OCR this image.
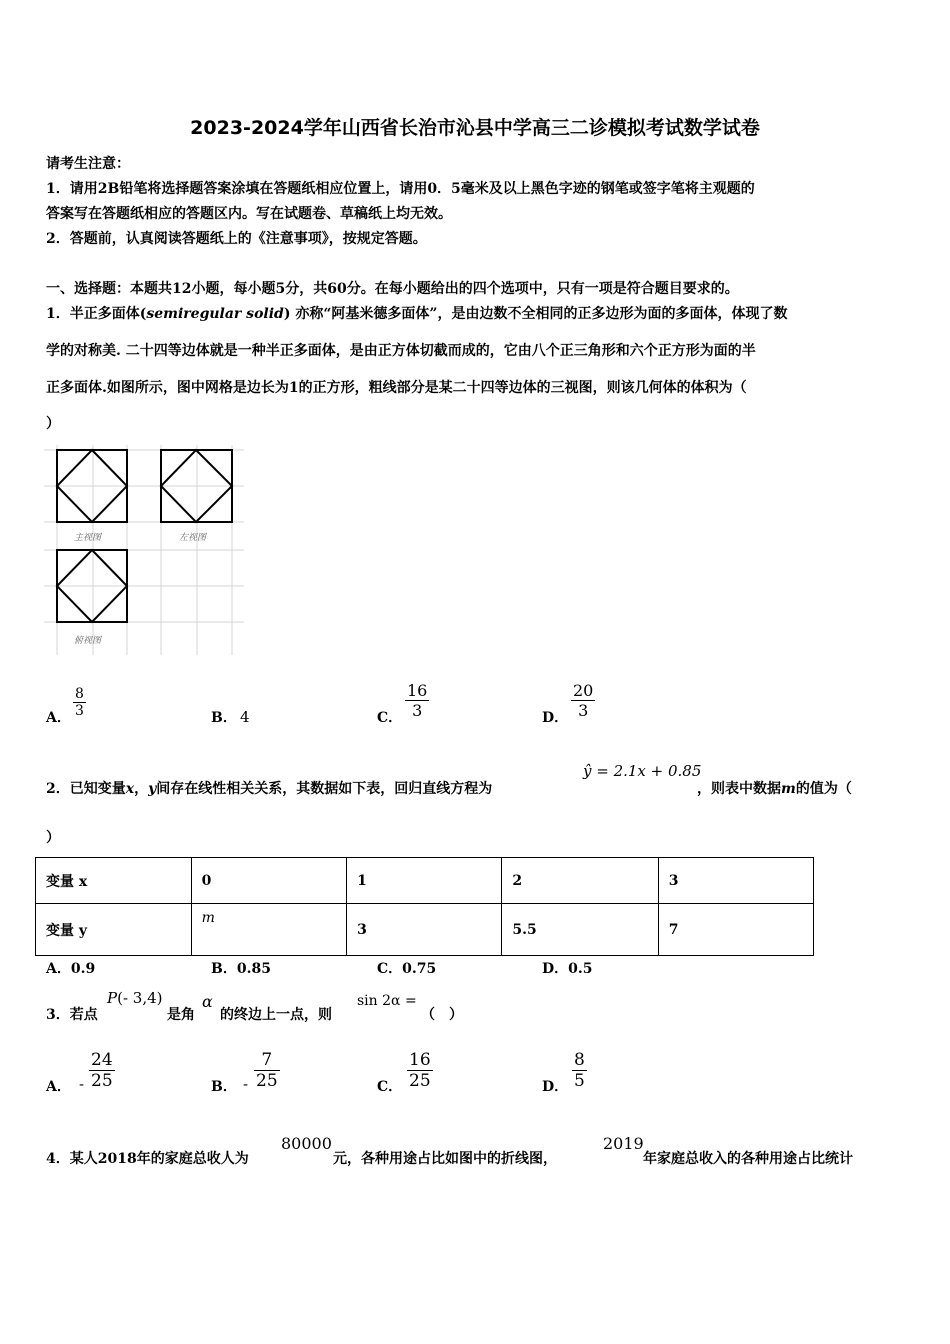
2023-2024学年山西省长治市沁县中学高三二诊模拟考试数学试卷
请考生注意：
1．请用2B铅笔将选择题答案涂填在答题纸相应位置上，请用0．5毫米及以上黑色字迹的钢笔或签字笔将主观题的
答案写在答题纸相应的答题区内。写在试题卷、草稿纸上均无效。
2．答题前，认真阅读答题纸上的《注意事项》，按规定答题。
一、选择题：本题共12小题，每小题5分，共60分。在每小题给出的四个选项中，只有一项是符合题目要求的。
1．半正多面体(semiregular solid) 亦称“阿基米德多面体”，是由边数不全相同的正多边形为面的多面体，体现了数
学的对称美. 二十四等边体就是一种半正多面体，是由正方体切截而成的，它由八个正三角形和六个正方形为面的半
正多面体.如图所示，图中网格是边长为1的正方形，粗线部分是某二十四等边体的三视图，则该几何体的体积为（
）
主视图	左视图
俯视图
A．
8
3	B． 4	C．
16
3	D．
20
3
2．已知变量x，y间存在线性相关关系，其数据如下表，回归直线方程为
ŷ = 2.1x + 0.85
，则表中数据m的值为（
）
变量 x	0	1	2	3
变量 y	m	3	5.5	7
A．0.9	B．0.85	C．0.75	D．0.5
3．若点
P(- 3,4)
是角
α
的终边上一点，则
sin 2α =
（　）
A． -
24
25	B． -
7
25	C．
16
25	D．
8
5
4．某人2018年的家庭总收人为
80000
元，各种用途占比如图中的折线图，
2019
年家庭总收入的各种用途占比统计
